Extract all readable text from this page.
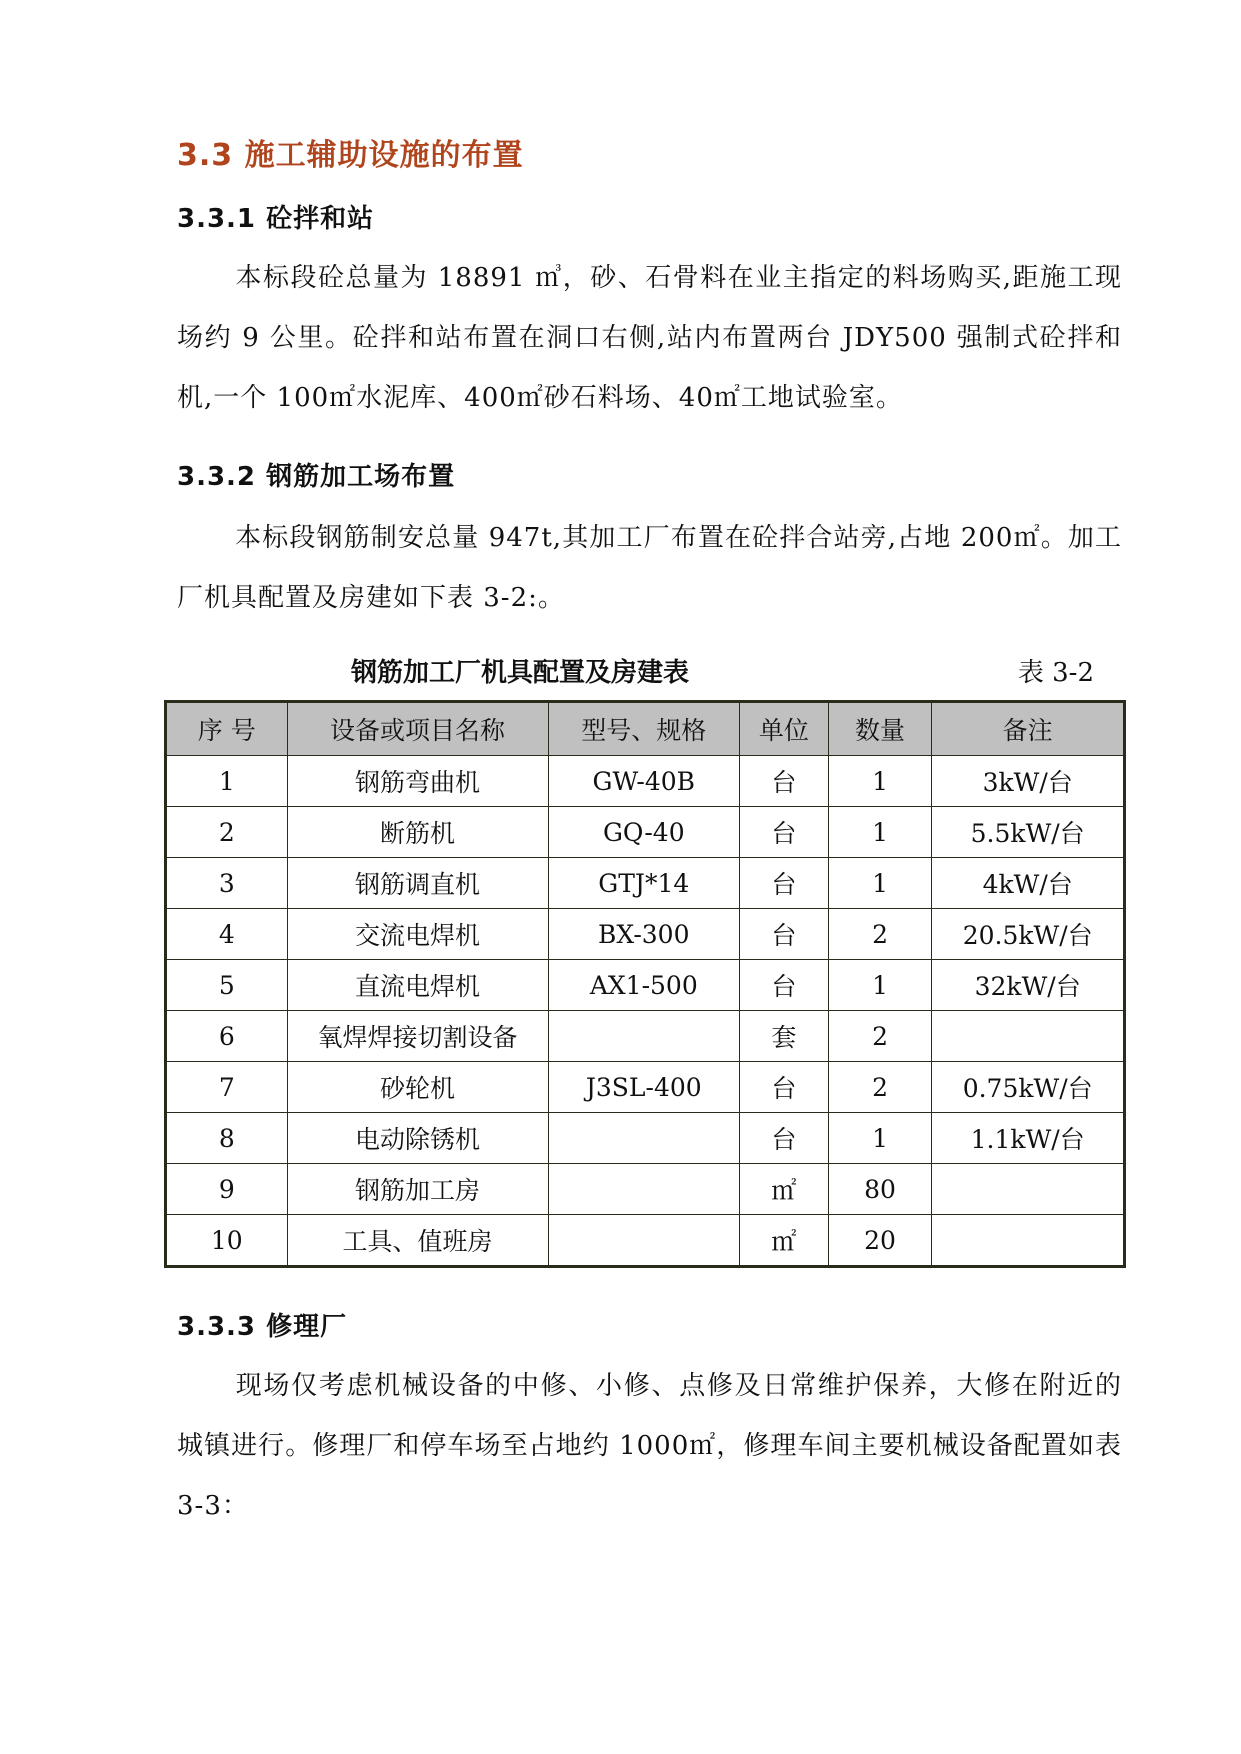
3.3 施工辅助设施的布置
3.3.1 砼拌和站

本标段砼总量为 18891 ㎥，砂、石骨料在业主指定的料场购买,距施工现场约 9 公里。砼拌和站布置在洞口右侧,站内布置两台 JDY500 强制式砼拌和机,一个 100㎡水泥库、400㎡砂石料场、40㎡工地试验室。

3.3.2 钢筋加工场布置

本标段钢筋制安总量 947t,其加工厂布置在砼拌合站旁,占地 200㎡。加工厂机具配置及房建如下表 3-2:。

钢筋加工厂机具配置及房建表	表 3-2
序 号	设备或项目名称	型号、规格	单位	数量	备注
1	钢筋弯曲机	GW-40B	台	1	3kW/台
2	断筋机	GQ-40	台	1	5.5kW/台
3	钢筋调直机	GTJ*14	台	1	4kW/台
4	交流电焊机	BX-300	台	2	20.5kW/台
5	直流电焊机	AX1-500	台	1	32kW/台
6	氧焊焊接切割设备		套	2	
7	砂轮机	J3SL-400	台	2	0.75kW/台
8	电动除锈机		台	1	1.1kW/台
9	钢筋加工房		㎡	80	
10	工具、值班房		㎡	20	
3.3.3 修理厂

现场仅考虑机械设备的中修、小修、点修及日常维护保养，大修在附近的城镇进行。修理厂和停车场至占地约 1000㎡，修理车间主要机械设备配置如表 3-3：
